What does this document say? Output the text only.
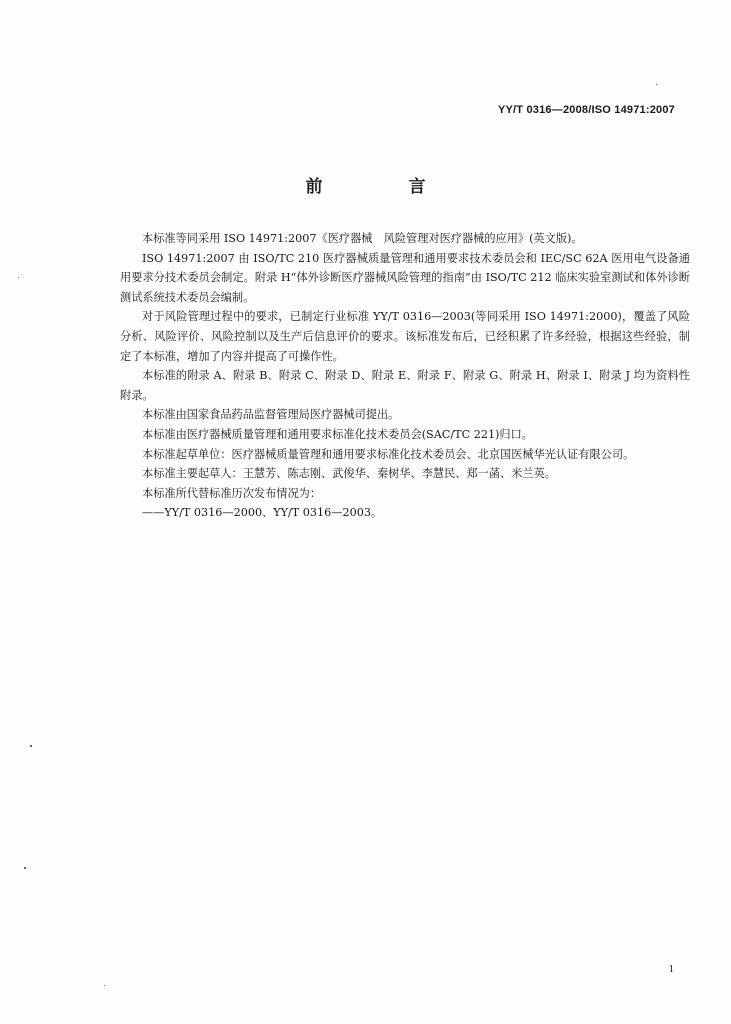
YY/T 0316—2008/ISO 14971:2007
前 言

本标准等同采用 ISO 14971:2007《医疗器械　风险管理对医疗器械的应用》(英文版)。

ISO 14971:2007 由 ISO/TC 210 医疗器械质量管理和通用要求技术委员会和 IEC/SC 62A 医用电气设备通用要求分技术委员会制定。附录 H“体外诊断医疗器械风险管理的指南”由 ISO/TC 212 临床实验室测试和体外诊断测试系统技术委员会编制。

对于风险管理过程中的要求，已制定行业标准 YY/T 0316—2003(等同采用 ISO 14971:2000)，覆盖了风险分析、风险评价、风险控制以及生产后信息评价的要求。该标准发布后，已经积累了许多经验，根据这些经验，制定了本标准，增加了内容并提高了可操作性。

本标准的附录 A、附录 B、附录 C、附录 D、附录 E、附录 F、附录 G、附录 H、附录 I、附录 J 均为资料性附录。

本标准由国家食品药品监督管理局医疗器械司提出。

本标准由医疗器械质量管理和通用要求标准化技术委员会(SAC/TC 221)归口。

本标准起草单位：医疗器械质量管理和通用要求标准化技术委员会、北京国医械华光认证有限公司。

本标准主要起草人：王慧芳、陈志刚、武俊华、秦树华、李慧民、郑一菡、米兰英。

本标准所代替标准历次发布情况为：

——YY/T 0316—2000、YY/T 0316—2003。

1
